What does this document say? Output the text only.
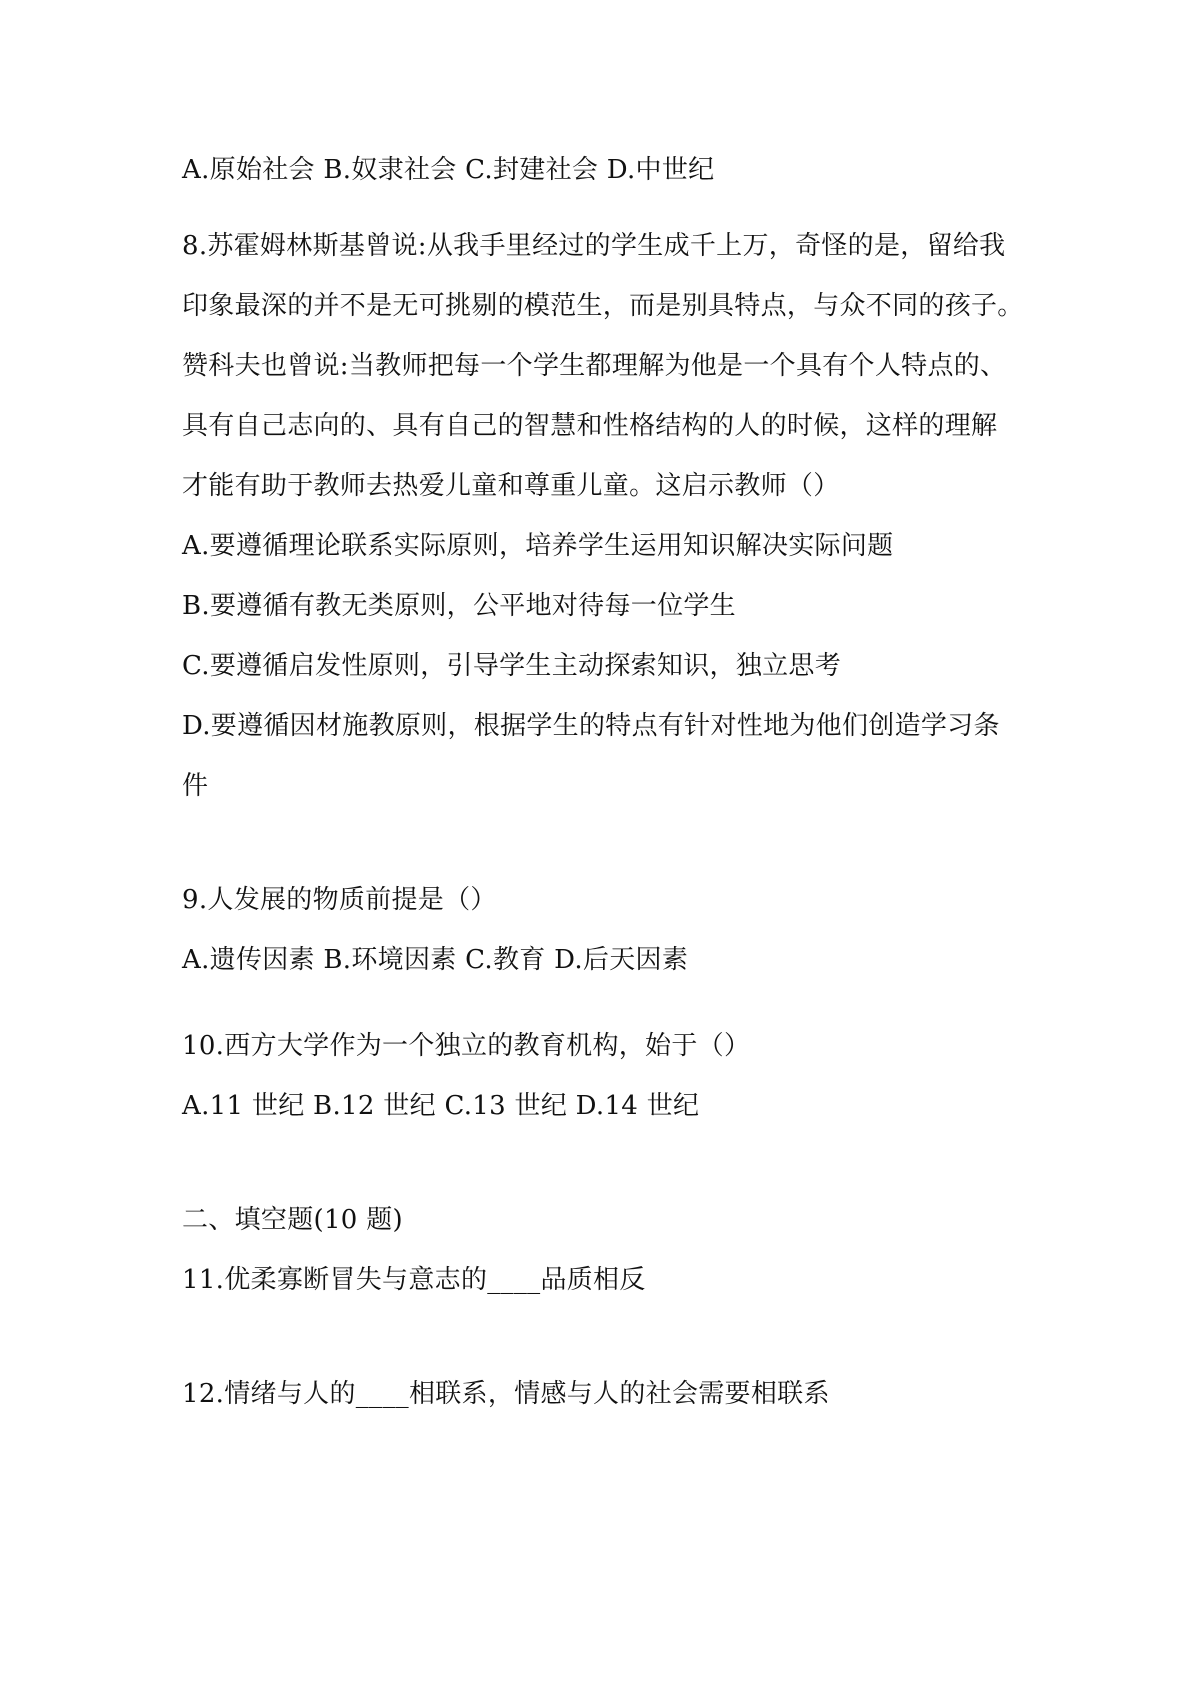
A.原始社会 B.奴隶社会 C.封建社会 D.中世纪
8.苏霍姆林斯基曾说:从我手里经过的学生成千上万，奇怪的是，留给我
印象最深的并不是无可挑剔的模范生，而是别具特点，与众不同的孩子。
赞科夫也曾说:当教师把每一个学生都理解为他是一个具有个人特点的、
具有自己志向的、具有自己的智慧和性格结构的人的时候，这样的理解
才能有助于教师去热爱儿童和尊重儿童。这启示教师（）
A.要遵循理论联系实际原则，培养学生运用知识解决实际问题
B.要遵循有教无类原则，公平地对待每一位学生
C.要遵循启发性原则，引导学生主动探索知识，独立思考
D.要遵循因材施教原则，根据学生的特点有针对性地为他们创造学习条
件
9.人发展的物质前提是（）
A.遗传因素 B.环境因素 C.教育 D.后天因素
10.西方大学作为一个独立的教育机构，始于（）
A.11 世纪 B.12 世纪 C.13 世纪 D.14 世纪
二、填空题(10 题)
11.优柔寡断冒失与意志的____品质相反
12.情绪与人的____相联系，情感与人的社会需要相联系
